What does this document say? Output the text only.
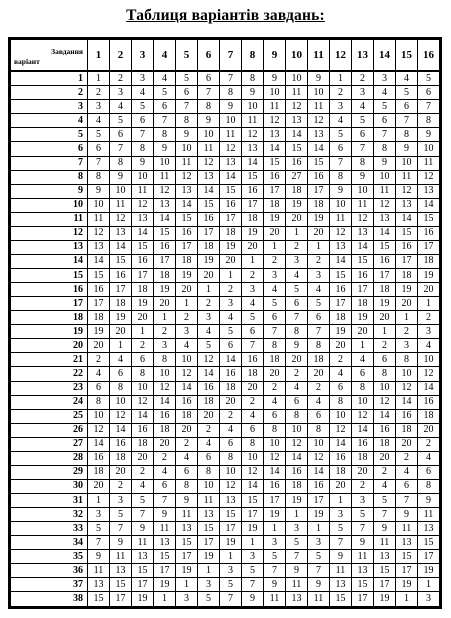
Таблиця варіантів завдань:
Завдання
варіант	1	2	3	4	5	6	7	8	9	10	11	12	13	14	15	16
1	1	2	3	4	5	6	7	8	9	10	9	1	2	3	4	5
2	2	3	4	5	6	7	8	9	10	11	10	2	3	4	5	6
3	3	4	5	6	7	8	9	10	11	12	11	3	4	5	6	7
4	4	5	6	7	8	9	10	11	12	13	12	4	5	6	7	8
5	5	6	7	8	9	10	11	12	13	14	13	5	6	7	8	9
6	6	7	8	9	10	11	12	13	14	15	14	6	7	8	9	10
7	7	8	9	10	11	12	13	14	15	16	15	7	8	9	10	11
8	8	9	10	11	12	13	14	15	16	27	16	8	9	10	11	12
9	9	10	11	12	13	14	15	16	17	18	17	9	10	11	12	13
10	10	11	12	13	14	15	16	17	18	19	18	10	11	12	13	14
11	11	12	13	14	15	16	17	18	19	20	19	11	12	13	14	15
12	12	13	14	15	16	17	18	19	20	1	20	12	13	14	15	16
13	13	14	15	16	17	18	19	20	1	2	1	13	14	15	16	17
14	14	15	16	17	18	19	20	1	2	3	2	14	15	16	17	18
15	15	16	17	18	19	20	1	2	3	4	3	15	16	17	18	19
16	16	17	18	19	20	1	2	3	4	5	4	16	17	18	19	20
17	17	18	19	20	1	2	3	4	5	6	5	17	18	19	20	1
18	18	19	20	1	2	3	4	5	6	7	6	18	19	20	1	2
19	19	20	1	2	3	4	5	6	7	8	7	19	20	1	2	3
20	20	1	2	3	4	5	6	7	8	9	8	20	1	2	3	4
21	2	4	6	8	10	12	14	16	18	20	18	2	4	6	8	10
22	4	6	8	10	12	14	16	18	20	2	20	4	6	8	10	12
23	6	8	10	12	14	16	18	20	2	4	2	6	8	10	12	14
24	8	10	12	14	16	18	20	2	4	6	4	8	10	12	14	16
25	10	12	14	16	18	20	2	4	6	8	6	10	12	14	16	18
26	12	14	16	18	20	2	4	6	8	10	8	12	14	16	18	20
27	14	16	18	20	2	4	6	8	10	12	10	14	16	18	20	2
28	16	18	20	2	4	6	8	10	12	14	12	16	18	20	2	4
29	18	20	2	4	6	8	10	12	14	16	14	18	20	2	4	6
30	20	2	4	6	8	10	12	14	16	18	16	20	2	4	6	8
31	1	3	5	7	9	11	13	15	17	19	17	1	3	5	7	9
32	3	5	7	9	11	13	15	17	19	1	19	3	5	7	9	11
33	5	7	9	11	13	15	17	19	1	3	1	5	7	9	11	13
34	7	9	11	13	15	17	19	1	3	5	3	7	9	11	13	15
35	9	11	13	15	17	19	1	3	5	7	5	9	11	13	15	17
36	11	13	15	17	19	1	3	5	7	9	7	11	13	15	17	19
37	13	15	17	19	1	3	5	7	9	11	9	13	15	17	19	1
38	15	17	19	1	3	5	7	9	11	13	11	15	17	19	1	3
